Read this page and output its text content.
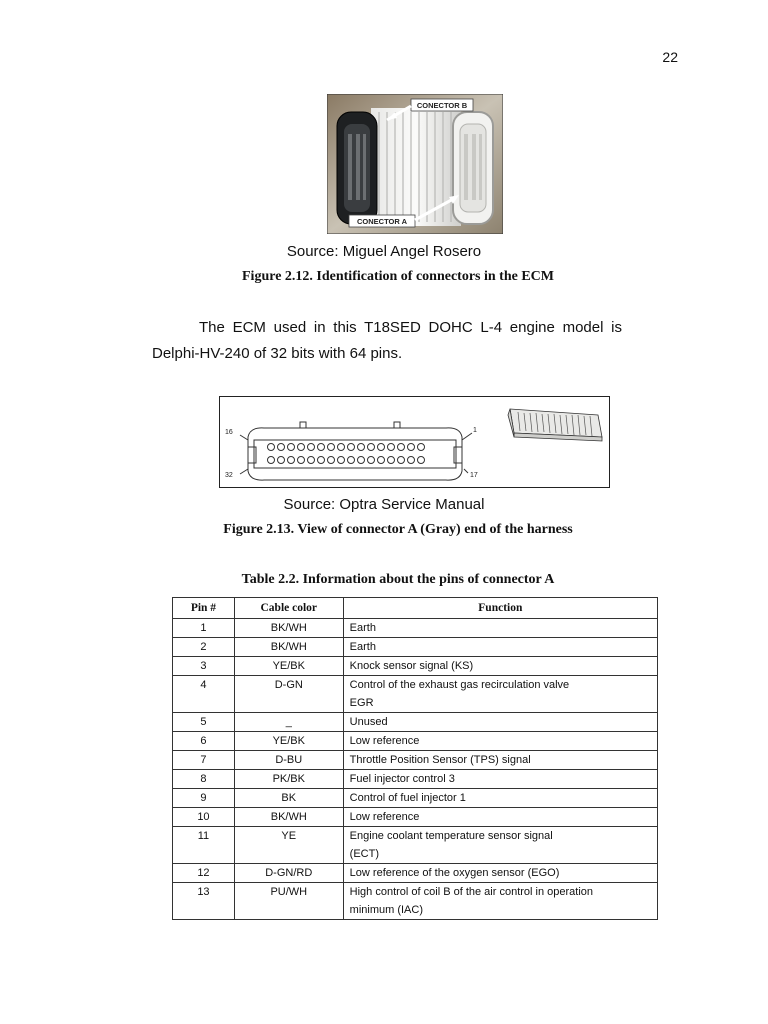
22
CONECTOR B
CONECTOR A
Source: Miguel Angel Rosero
Figure 2.12. Identification of connectors in the ECM
The ECM used in this T18SED DOHC L-4 engine model is
Delphi-HV-240 of 32 bits with 64 pins.
16	1
32	17
Source: Optra Service Manual
Figure 2.13. View of connector A (Gray) end of the harness
Table 2.2. Information about the pins of connector A
Pin #	Cable color	Function
1	BK/WH	Earth
2	BK/WH	Earth
3	YE/BK	Knock sensor signal (KS)
4	D-GN	Control of the exhaust gas recirculation valve
EGR

5	_	Unused
6	YE/BK	Low reference
7	D-BU	Throttle Position Sensor (TPS) signal
8	PK/BK	Fuel injector control 3
9	BK	Control of fuel injector 1
10	BK/WH	Low reference
11	YE	Engine coolant temperature sensor signal
(ECT)

12	D-GN/RD	Low reference of the oxygen sensor (EGO)
13	PU/WH	High control of coil B of the air control in operation
minimum (IAC)
